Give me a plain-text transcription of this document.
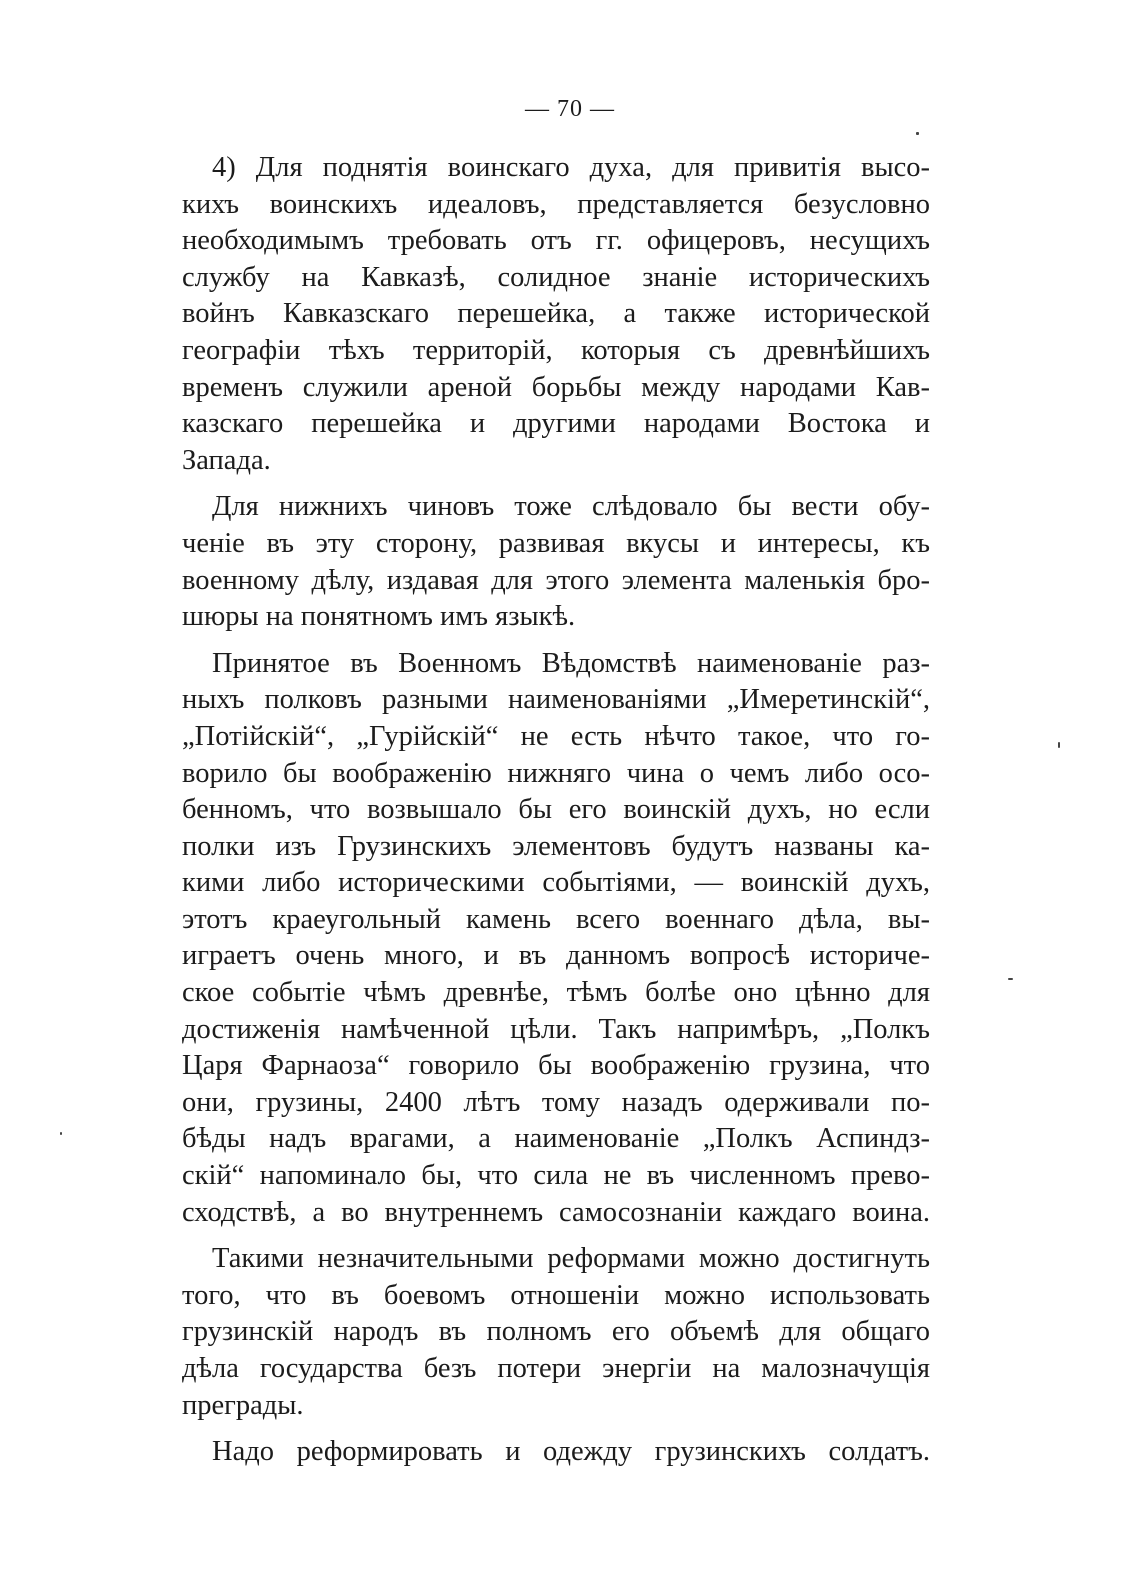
— 70 —
4) Для поднятія воинскаго духа, для привитія высо-
кихъ воинскихъ идеаловъ, представляется безусловно
необходимымъ требовать отъ гг. офицеровъ, несущихъ
службу на Кавказѣ, солидное знаніе историческихъ
войнъ Кавказскаго перешейка, а также исторической
географіи тѣхъ территорій, которыя съ древнѣйшихъ
временъ служили ареной борьбы между народами Кав-
казскаго перешейка и другими народами Востока и
Запада.
Для нижнихъ чиновъ тоже слѣдовало бы вести обу-
ченіе въ эту сторону, развивая вкусы и интересы, къ
военному дѣлу, издавая для этого элемента маленькія бро-
шюры на понятномъ имъ языкѣ.
Принятое въ Военномъ Вѣдомствѣ наименованіе раз-
ныхъ полковъ разными наименованіями „Имеретинскій“,
„Потійскій“, „Гурійскій“ не есть нѣчто такое, что го-
ворило бы воображенію нижняго чина о чемъ либо осо-
бенномъ, что возвышало бы его воинскій духъ, но если
полки изъ Грузинскихъ элементовъ будутъ названы ка-
кими либо историческими событіями, — воинскій духъ,
этотъ краеугольный камень всего военнаго дѣла, вы-
играетъ очень много, и въ данномъ вопросѣ историче-
ское событіе чѣмъ древнѣе, тѣмъ болѣе оно цѣнно для
достиженія намѣченной цѣли. Такъ напримѣръ, „Полкъ
Царя Фарнаоза“ говорило бы воображенію грузина, что
они, грузины, 2400 лѣтъ тому назадъ одерживали по-
бѣды надъ врагами, а наименованіе „Полкъ Аспиндз-
скій“ напоминало бы, что сила не въ численномъ прево-
сходствѣ, а во внутреннемъ самосознаніи каждаго воина.
Такими незначительными реформами можно достигнуть
того, что въ боевомъ отношеніи можно использовать
грузинскій народъ въ полномъ его объемѣ для общаго
дѣла государства безъ потери энергіи на малозначущія
преграды.
Надо реформировать и одежду грузинскихъ солдатъ.
